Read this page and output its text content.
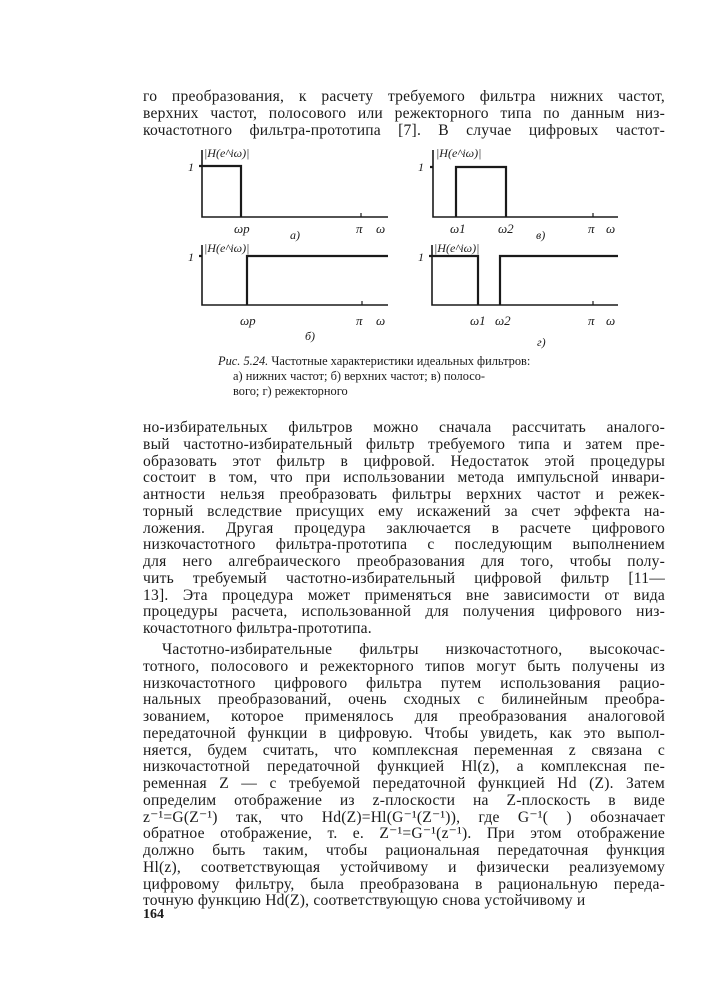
го преобразования, к расчету требуемого фильтра нижних частот,
верхних частот, полосового или режекторного типа по данным низ-
кочастотного фильтра-прототипа [7]. В случае цифровых частот-
|H(e^iω)|
1
ωp	а)	π ω
|H(e^iω)|
1
ω1 ω2 в)	π ω
|H(e^iω)|
1
ωp
б)
π ω
|H(e^iω)|
1
ω1 ω2
г)
π ω
Рис. 5.24. Частотные характеристики идеальных фильтров:
а) нижних частот; б) верхних частот; в) полосо-
вого; г) режекторного
но-избирательных фильтров можно сначала рассчитать аналого-
вый частотно-избирательный фильтр требуемого типа и затем пре-
образовать этот фильтр в цифровой. Недостаток этой процедуры
состоит в том, что при использовании метода импульсной инвари-
антности нельзя преобразовать фильтры верхних частот и режек-
торный вследствие присущих ему искажений за счет эффекта на-
ложения. Другая процедура заключается в расчете цифрового
низкочастотного фильтра-прототипа с последующим выполнением
для него алгебраического преобразования для того, чтобы полу-
чить требуемый частотно-избирательный цифровой фильтр [11—
13]. Эта процедура может применяться вне зависимости от вида
процедуры расчета, использованной для получения цифрового низ-
кочастотного фильтра-прототипа.
Частотно-избирательные фильтры низкочастотного, высокочас-
тотного, полосового и режекторного типов могут быть получены из
низкочастотного цифрового фильтра путем использования рацио-
нальных преобразований, очень сходных с билинейным преобра-
зованием, которое применялось для преобразования аналоговой
передаточной функции в цифровую. Чтобы увидеть, как это выпол-
няется, будем считать, что комплексная переменная z связана с
низкочастотной передаточной функцией Hl(z), а комплексная пе-
ременная Z — с требуемой передаточной функцией Hd (Z). Затем
определим отображение из z-плоскости на Z-плоскость в виде
z⁻¹=G(Z⁻¹) так, что Hd(Z)=Hl(G⁻¹(Z⁻¹)), где G⁻¹( ) обозначает
обратное отображение, т. е. Z⁻¹=G⁻¹(z⁻¹). При этом отображение
должно быть таким, чтобы рациональная передаточная функция
Hl(z), соответствующая устойчивому и физически реализуемому
цифровому фильтру, была преобразована в рациональную переда-
точную функцию Hd(Z), соответствующую снова устойчивому и
164
